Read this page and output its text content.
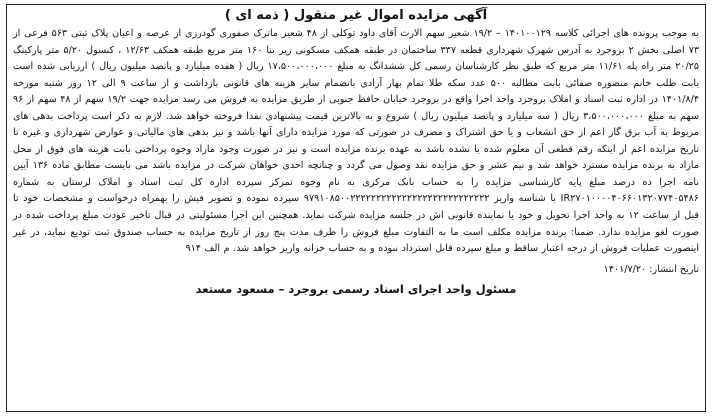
آگهی مزایده اموال غیر منقول ( ذمه ای )

به موجب پرونده های اجرائی کلاسه ۱۴۰۱۰۰۱۲۹ – ۱۹/۲ شعیر سهم الارث آقای داود توکلی از ۴۸ شعیر ماترک صفوری گودرزی از عرصه و اعیان پلاک ثبتی ۵۶۳ فرعی از ۷۳ اصلی بخش ۲ بروجرد به آدرس شهرک شهرداری قطعه ۳۳۷ ساختمان در طبقه همکف مسکونی زیر بنا ۱۶۰ متر مربع طبقه همکف ۱۲/۶۳ ، کنسول ۵/۲۰ متر پارکینگ ۲۰/۲۵ متر راه پله ۱۱/۶۱ متر مربع که طبق نظر کارشناسان رسمی کل ششدانگ به مبلغ ۱۷،۵۰۰،۰۰۰،۰۰۰ ریال ( هفده میلیارد و پانصد میلیون ریال ) ارزیابی شده است بابت طلب خانم منصوره صفائی بابت مطالبه ۵۰۰ عدد سکه طلا تمام بهار آزادی بانضمام سایر هزینه های قانونی بازداشت و از ساعت ۹ الی ۱۲ روز شنبه مورخه ۱۴۰۱/۸/۴ در اداره ثبت اسناد و املاک بروجرد واحد اجرا واقع در بروجرد خیابان حافظ جنوبی از طریق مزایده به فروش می رسد مزایده جهت ۱۹/۲ سهم از ۴۸ سهم از ۹۶ سهم به مبلغ ۳،۵۰۰،۰۰۰،۰۰۰ ریال ( سه میلیارد و پانصد میلیون ریال ) شروع و به بالاترین قیمت پیشنهادی نقدا فروخته خواهد شد. لازم به ذکر است پرداخت بدهی های مربوط به آب برق گاز اعم از حق انشعاب و یا حق اشتراک و مصرف در صورتی که مورد مزایده دارای آنها باشد و نیز بدهی های مالیاتی و عوارض شهرداری و غیره تا تاریخ مزایده اعم از اینکه رقم قطعی آن معلوم شده یا نشده باشد به عهده برنده مزایده است و نیز در صورت وجود مازاد وجوه پرداختی بابت هزینه های فوق از محل مازاد به برنده مزایده مسترد خواهد شد و نیم عشر و حق مزایده نقد وصول می گردد و چنانچه احدی خواهان شرکت در مزایده باشد می بایست مطابق ماده ۱۳۶ آیین نامه اجرا ده درصد مبلغ پایه کارشناسی مزایده را به حساب بانک مرکزی به نام وجوه تمرکز سپرده اداره کل ثبت اسناد و املاک لرستان به شماره IR۲۷۰۱۰۰۰۰۴۰۶۶۰۱۳۲۰۷۷۴۰۵۴۸۶ با شناسه واریز ۹۷۹۱۰۸۵۰۰۲۲۲۲۲۲۲۲۲۲۲۲۲۲۲۲۲۲۲۲۲۲۲۲۲۲۲ سپرده نموده و تصویر فیش را بهمراه درخواست و مشخصات خود تا قبل از ساعت ۱۲ به واحد اجرا تحویل و خود یا نماینده قانونی اش در جلسه مزایده شرکت نماید. همچنین این اجرا مسئولیتی در قبال تاخیر عودت مبلغ پرداخت شده در صورت لغو مزایده ندارد. ضمنا: برنده مزایده مکلف است ما به التفاوت مبلغ فروش را ظرف مدت پنج روز از تاریخ مزایده به حساب صندوق ثبت تودیع نماید، در غیر اینصورت عملیات فروش از درجه اعتبار ساقط و مبلغ سپرده قابل استرداد نبوده و به حساب خزانه واریز خواهد شد. م الف ۹۱۴

تاریخ انتشار: ۱۴۰۱/۷/۲۰
مسئول واحد اجرای اسناد رسمی بروجرد – مسعود مستعد
